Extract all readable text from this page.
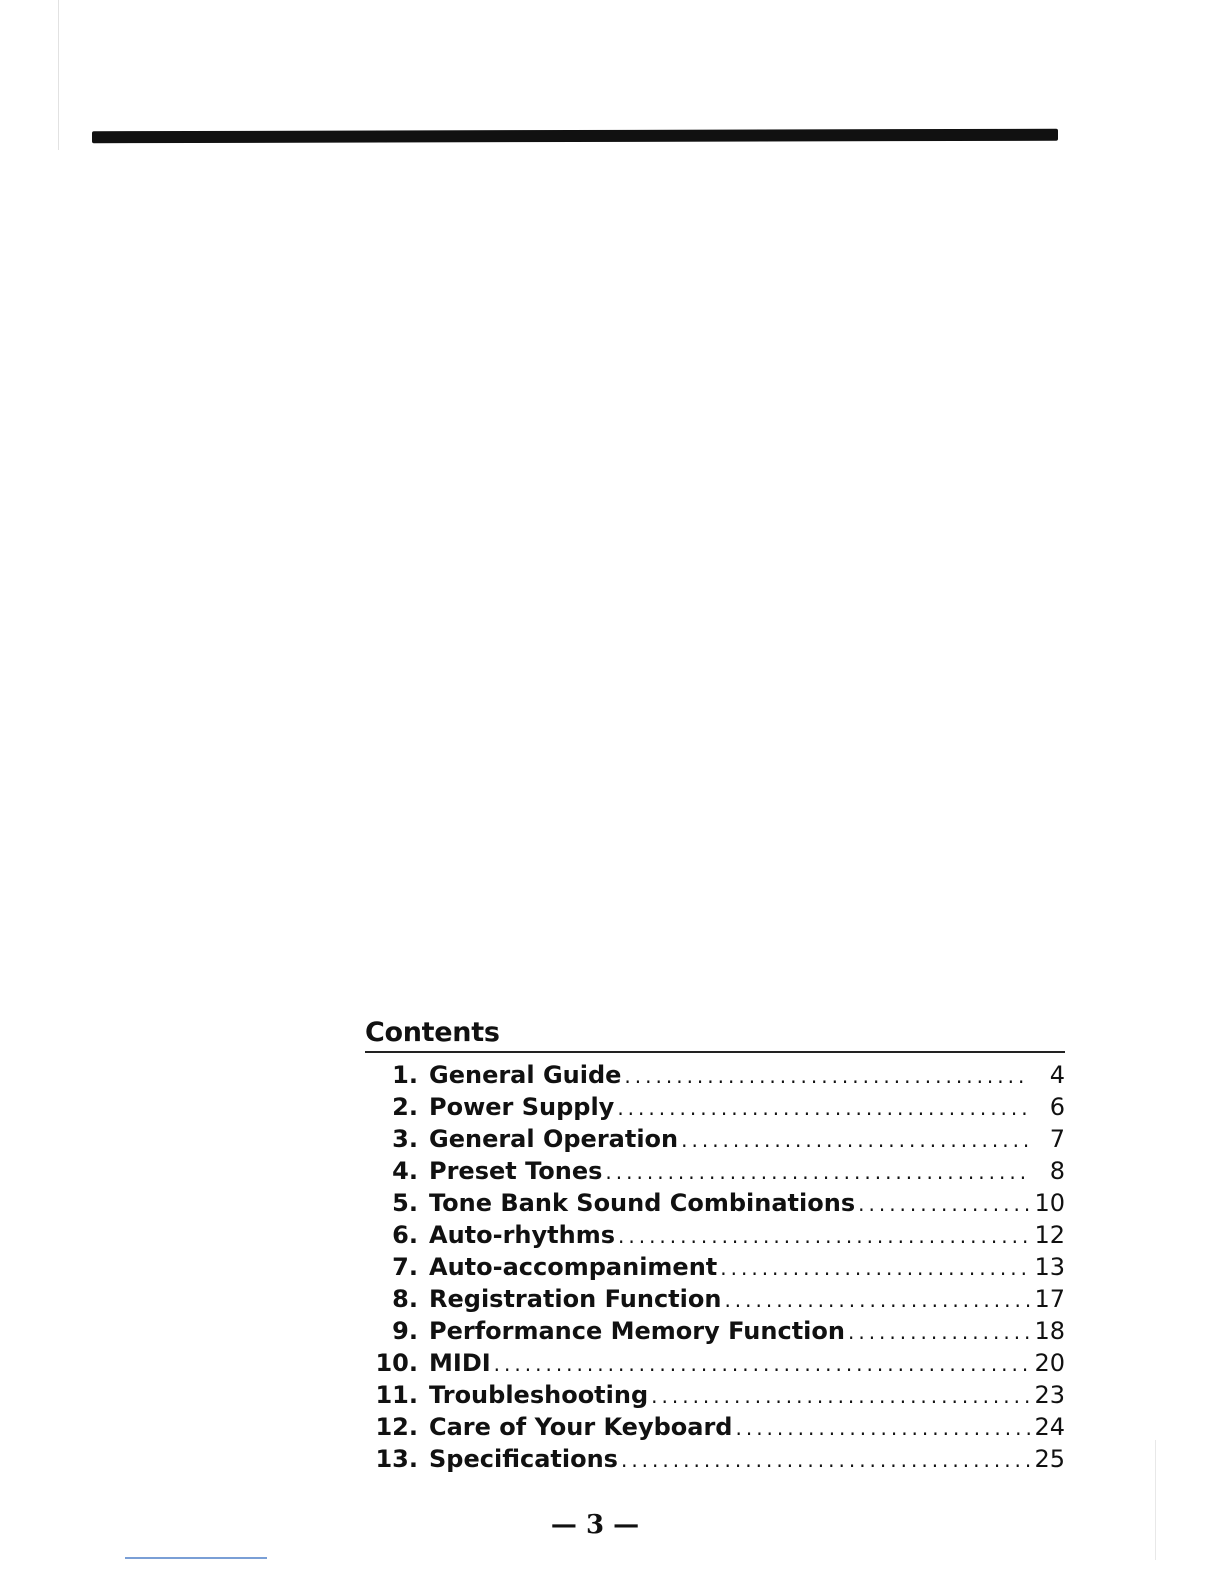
Contents
1. General Guide .....	4
2. Power Supply .....	6
3. General Operation .....	7
4. Preset Tones .....	8
5. Tone Bank Sound Combinations .....	10
6. Auto-rhythms .....	12
7. Auto-accompaniment .....	13
8. Registration Function .....	17
9. Performance Memory Function .....	18
10. MIDI .....	20
11. Troubleshooting .....	23
12. Care of Your Keyboard .....	24
13. Specifications .....	25
— 3 —
